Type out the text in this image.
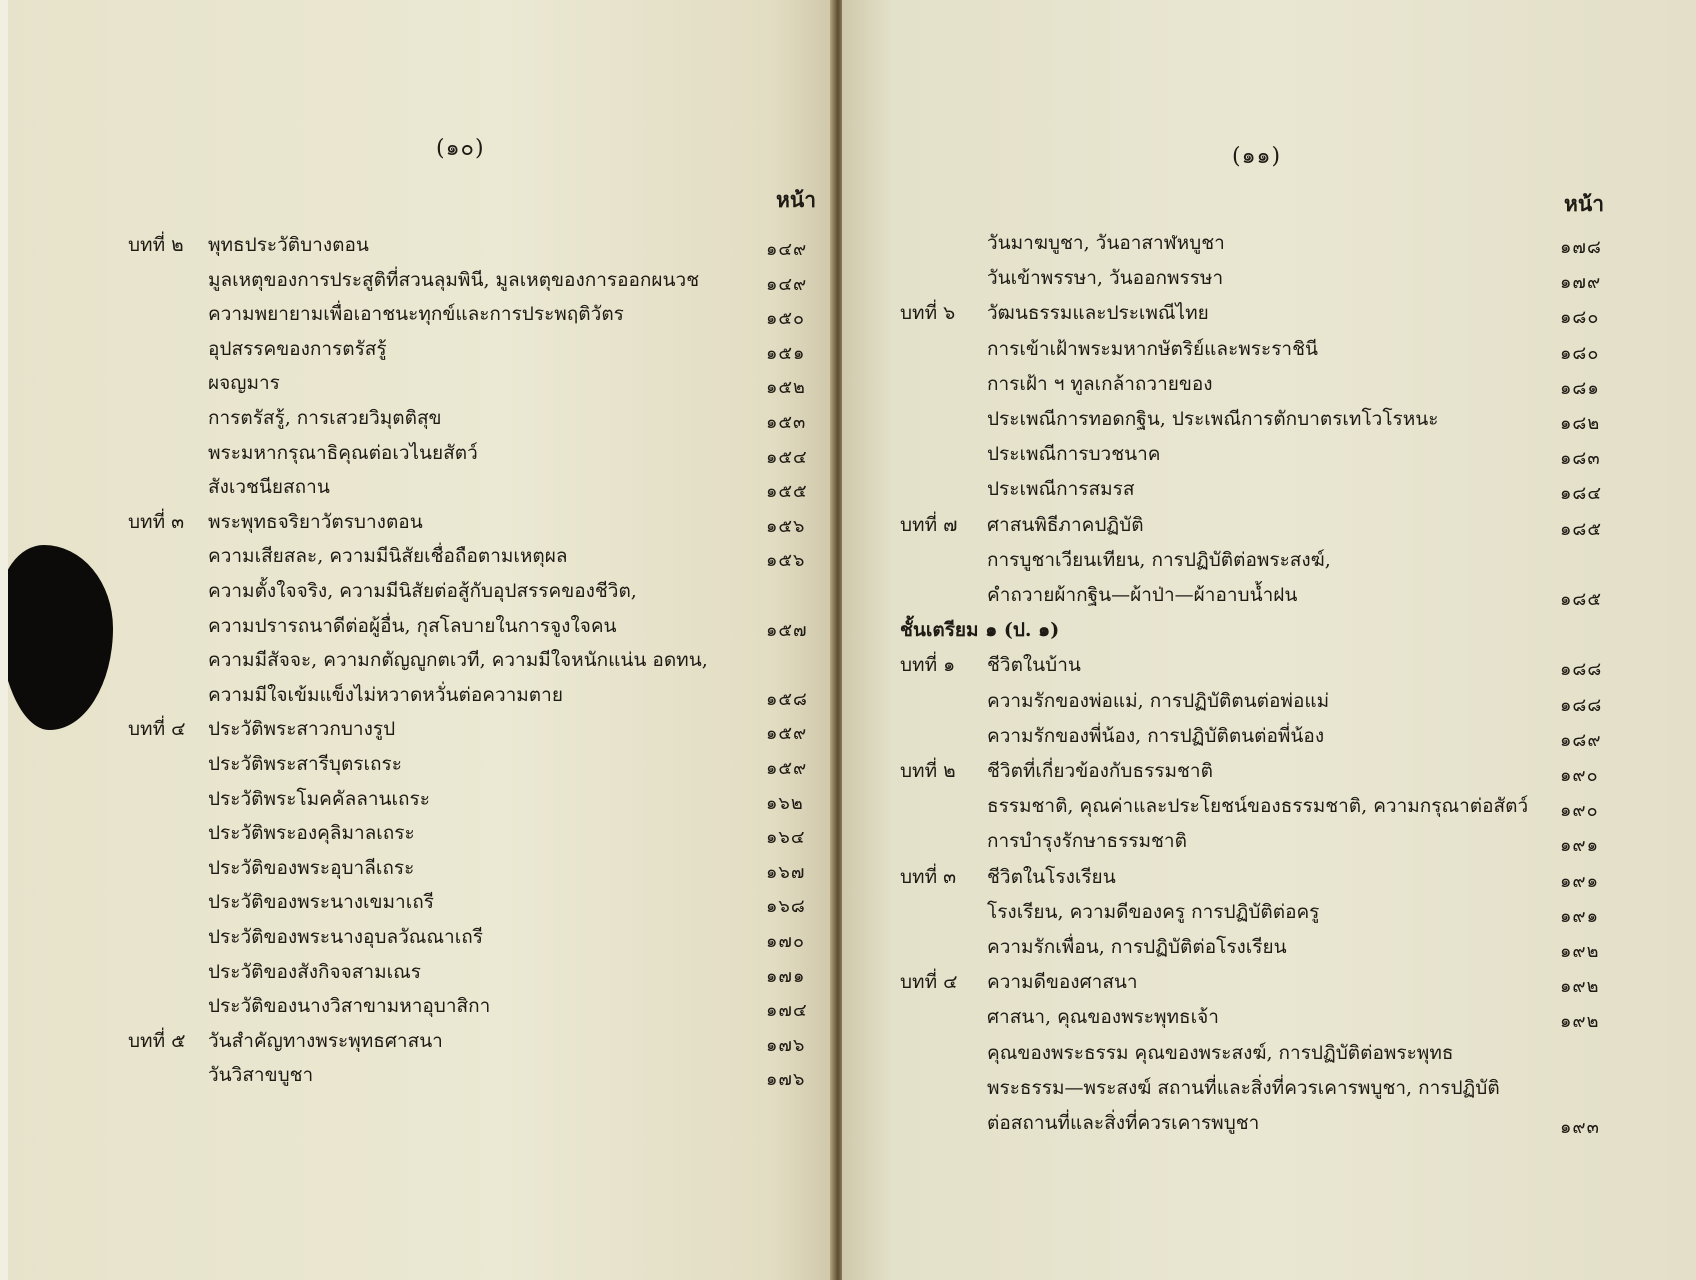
(๑๐)
หน้า
บทที่ ๒ พุทธประวัติบางตอน	๑๔๙
มูลเหตุของการประสูติที่สวนลุมพินี, มูลเหตุของการออกผนวช	๑๔๙
ความพยายามเพื่อเอาชนะทุกข์และการประพฤติวัตร	๑๕๐
อุปสรรคของการตรัสรู้	๑๕๑
ผจญมาร	๑๕๒
การตรัสรู้, การเสวยวิมุตติสุข	๑๕๓
พระมหากรุณาธิคุณต่อเวไนยสัตว์	๑๕๔
สังเวชนียสถาน	๑๕๕
บทที่ ๓ พระพุทธจริยาวัตรบางตอน	๑๕๖
ความเสียสละ, ความมีนิสัยเชื่อถือตามเหตุผล	๑๕๖
ความตั้งใจจริง, ความมีนิสัยต่อสู้กับอุปสรรคของชีวิต,
ความปรารถนาดีต่อผู้อื่น, กุสโลบายในการจูงใจคน	๑๕๗
ความมีสัจจะ, ความกตัญญูกตเวที, ความมีใจหนักแน่น อดทน,
ความมีใจเข้มแข็งไม่หวาดหวั่นต่อความตาย	๑๕๘
บทที่ ๔ ประวัติพระสาวกบางรูป	๑๕๙
ประวัติพระสารีบุตรเถระ	๑๕๙
ประวัติพระโมคคัลลานเถระ	๑๖๒
ประวัติพระองคุลิมาลเถระ	๑๖๔
ประวัติของพระอุบาลีเถระ	๑๖๗
ประวัติของพระนางเขมาเถรี	๑๖๘
ประวัติของพระนางอุบลวัณณาเถรี	๑๗๐
ประวัติของสังกิจจสามเณร	๑๗๑
ประวัติของนางวิสาขามหาอุบาสิกา	๑๗๔
บทที่ ๕ วันสำคัญทางพระพุทธศาสนา	๑๗๖
วันวิสาขบูชา	๑๗๖
(๑๑)
หน้า
วันมาฆบูชา, วันอาสาฬหบูชา	๑๗๘
วันเข้าพรรษา, วันออกพรรษา	๑๗๙
บทที่ ๖ วัฒนธรรมและประเพณีไทย	๑๘๐
การเข้าเฝ้าพระมหากษัตริย์และพระราชินี	๑๘๐
การเฝ้า ฯ ทูลเกล้าถวายของ	๑๘๑
ประเพณีการทอดกฐิน, ประเพณีการตักบาตรเทโวโรหนะ	๑๘๒
ประเพณีการบวชนาค	๑๘๓
ประเพณีการสมรส	๑๘๔
บทที่ ๗ ศาสนพิธีภาคปฏิบัติ	๑๘๕
การบูชาเวียนเทียน, การปฏิบัติต่อพระสงฆ์,
คำถวายผ้ากฐิน—ผ้าป่า—ผ้าอาบน้ำฝน	๑๘๕
ชั้นเตรียม ๑ (ป. ๑)
บทที่ ๑ ชีวิตในบ้าน	๑๘๘
ความรักของพ่อแม่, การปฏิบัติตนต่อพ่อแม่	๑๘๘
ความรักของพี่น้อง, การปฏิบัติตนต่อพี่น้อง	๑๘๙
บทที่ ๒ ชีวิตที่เกี่ยวข้องกับธรรมชาติ	๑๙๐
ธรรมชาติ, คุณค่าและประโยชน์ของธรรมชาติ, ความกรุณาต่อสัตว์ ๑๙๐
การบำรุงรักษาธรรมชาติ	๑๙๑
บทที่ ๓ ชีวิตในโรงเรียน	๑๙๑
โรงเรียน, ความดีของครู การปฏิบัติต่อครู	๑๙๑
ความรักเพื่อน, การปฏิบัติต่อโรงเรียน	๑๙๒
บทที่ ๔ ความดีของศาสนา	๑๙๒
ศาสนา, คุณของพระพุทธเจ้า	๑๙๒
คุณของพระธรรม คุณของพระสงฆ์, การปฏิบัติต่อพระพุทธ
พระธรรม—พระสงฆ์ สถานที่และสิ่งที่ควรเคารพบูชา, การปฏิบัติ
ต่อสถานที่และสิ่งที่ควรเคารพบูชา	๑๙๓
